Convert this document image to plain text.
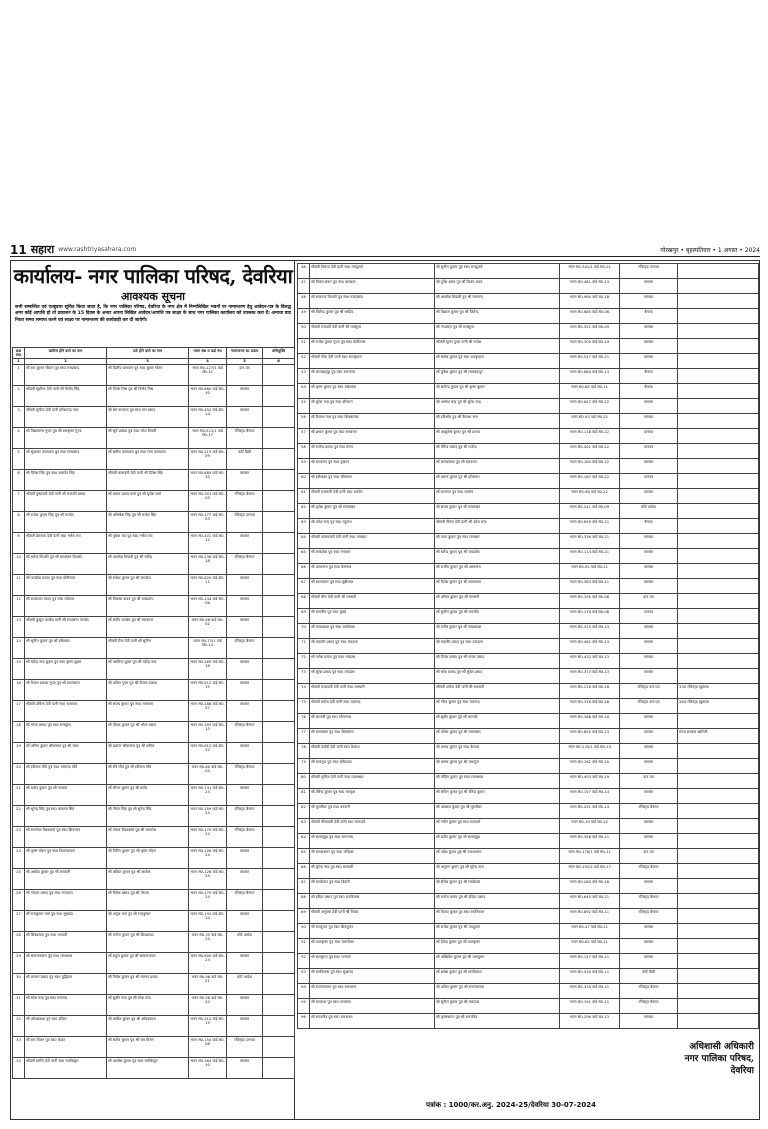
11 सहारा www.rashtriyasahara.com	गोरखपुर • बृहस्पतिवार • 1 अगस्त • 2024
कार्यालय- नगर पालिका परिषद, देवरिया
आवश्यक सूचना
सभी सम्बन्धित एवं एतद्द्वारा सूचित किया जाता है, कि नगर पालिका परिषद, देवरिया के नगर क्षेत्र में निम्नलिखित भवनों पर नामान्तरण हेतु आवेदन-पत्र के विरुद्ध अगर कोई आपत्ति हो तो प्रकाशन के 15 दिवस के अन्दर अपना लिखित आवेदन/आपत्ति पत्र साक्ष्य के साथ नगर पालिका कार्यालय को उपलब्ध करा दें। अन्यथा वाद नियत समय समाप्त करने एवं साक्ष्य पर नामान्तरण की कार्यवाही कर दी जायेगी।
क्र0 सं0	खारिज होने वाले का नाम	दर्ज होने वाले का नाम	भवन सं0 व वार्ड नं0	नामान्तरण का प्रकार	अभियुक्ति
1	2	3	4	5	6
1	श्री राम कुमार चौहान पुत्र स्व0 रामप्रसाद	श्री दिलीप पासवान पुत्र स्व0 कुमार गौतम	भवन सं0-127/1 वार्ड सं0-21	दान-पत्र	
2	श्रीमती सुशीला देवी पत्नी श्री विनोद सिंह	श्री दिनेश मिश्र पुत्र श्री विनोद मिश्र	भवन सं0-860 वार्ड सं0-10	वरासत	
3	श्रीमती सुनीता देवी पत्नी हरिशचन्द्र पाल	श्री प्रेम नारायण पुत्र स्व0 राम प्रसाद	भवन सं0-452 वार्ड सं0-14	वरासत	
4	श्री विद्यासागर गुप्ता पुत्र श्री रामकृष्ण गुप्ता	श्री सूर्य प्रकाश पुत्र स्व0 रमेश तिवारी	भवन सं0-521/1 वार्ड सं0-17	रजिस्ट्रड बैनामा	
5	श्री सुधाकर उपाध्याय पुत्र स्व0 रामप्रसाद	श्री सतीश उपाध्याय पुत्र स्व0 रामा उपाध्याय	भवन सं0-215 वार्ड सं0-09	कोर्ट डिग्री	
6	श्री दिनेश सिंह पुत्र स्व0 सत्यदेव सिंह	श्रीमती कलावती देवी पत्नी श्री दिनेश सिंह	भवन सं0-685 वार्ड सं0-20	वरासत	
7	श्रीमती पुष्पावती देवी पत्नी श्री रामपति प्रसाद	श्री अजय प्रताप शर्मा पुत्र श्री बृजेश शर्मा	भवन सं0-301 वार्ड सं0-05	रजिस्ट्रड बैनामा	
8	श्री राजेश कुमार सिंह पुत्र श्री रामदेव	श्री अभिषेक सिंह पुत्र श्री राजेश सिंह	भवन सं0-177 वार्ड सं0-03	रजिस्ट्रड दानपत्र	
9	श्रीमती प्रेमलता देवी पत्नी स्व0 गणेश राय	श्री मुकेश राय पुत्र स्व0 गणेश राय	भवन सं0-401 वार्ड सं0-12	वरासत	
10	श्री धर्मेन्द्र त्रिपाठी पुत्र श्री रामशंकर त्रिपाठी	श्री आलोक त्रिपाठी पुत्र श्री धर्मेन्द्र	भवन सं0-238 वार्ड सं0-18	रजिस्ट्रड बैनामा	
11	श्री जगदीश प्रसाद पुत्र स्व0 मोतीलाल	श्री राकेश कुमार पुत्र श्री जगदीश	भवन सं0-820 वार्ड सं0-11	वरासत	
12	श्री रामप्रताप यादव पुत्र स्व0 रामेश्वर	श्री विकास यादव पुत्र श्री रामप्रताप	भवन सं0-144 वार्ड सं0-06	वरासत	
13	श्रीमती कुसुम पाण्डेय पत्नी श्री रमाकान्त पाण्डेय	श्री संदीप पाण्डेय पुत्र श्री रमाकान्त	भवन सं0-56 वार्ड सं0-02	वरासत	
14	श्री सुनील कुमार पुत्र श्री हरिशंकर	श्रीमती रीना देवी पत्नी श्री सुनील	भवन सं0-73/1 वार्ड सं0-14	रजिस्ट्रड बैनामा	
15	श्री महेन्द्र नाथ शुक्ल पुत्र स्व0 कृष्ण शुक्ल	श्री अरविन्द शुक्ल पुत्र श्री महेन्द्र नाथ	भवन सं0-265 वार्ड सं0-16	वरासत	
16	श्री विजय प्रकाश गुप्ता पुत्र श्री श्यामलाल	श्री अमित गुप्ता पुत्र श्री विजय प्रकाश	भवन सं0-512 वार्ड सं0-19	वरासत	
17	श्रीमती उर्मिला देवी पत्नी स्व0 राजाराम	श्री संजय कुमार पुत्र स्व0 राजाराम	भवन सं0-188 वार्ड सं0-07	वरासत	
18	श्री भोला प्रसाद पुत्र स्व0 रामसूरत	श्री दीपक कुमार पुत्र श्री भोला प्रसाद	भवन सं0-393 वार्ड सं0-13	रजिस्ट्रड बैनामा	
19	श्री अनिल कुमार श्रीवास्तव पुत्र श्री रमेश	श्री प्रशान्त श्रीवास्तव पुत्र श्री अनिल	भवन सं0-612 वार्ड सं0-22	वरासत	
20	श्री हरिनाथ मौर्य पुत्र स्व0 रामचन्द्र मौर्य	श्री रवि मौर्य पुत्र श्री हरिनाथ मौर्य	भवन सं0-80 वार्ड सं0-04	रजिस्ट्रड बैनामा	
21	श्री प्रमोद कुमार पुत्र श्री जयराम	श्री सौरभ कुमार पुत्र श्री प्रमोद	भवन सं0-741 वार्ड सं0-24	वरासत	
22	श्री सुरेन्द्र सिंह पुत्र स्व0 बलवन्त सिंह	श्री नीरज सिंह पुत्र श्री सुरेन्द्र सिंह	भवन सं0-159 वार्ड सं0-24	रजिस्ट्रड बैनामा	
23	श्री रामनरेश विश्वकर्मा पुत्र स्व0 शिवचरन	श्री पंकज विश्वकर्मा पुत्र श्री रामनरेश	भवन सं0-175 वार्ड सं0-24	रजिस्ट्रड बैनामा	
24	श्री कृष्ण मोहन पुत्र स्व0 शिवनारायण	श्री विपिन कुमार पुत्र श्री कृष्ण मोहन	भवन सं0-226 वार्ड सं0-24	वरासत	
25	श्री अशोक कुमार पुत्र श्री रामबली	श्री अंकित कुमार पुत्र श्री अशोक	भवन सं0-128 वार्ड सं0-24	वरासत	
26	श्री गोपाल प्रसाद पुत्र स्व0 नन्दलाल	श्री विवेक प्रसाद पुत्र श्री गोपाल	भवन सं0-175 वार्ड सं0-24	रजिस्ट्रड बैनामा	
27	श्री राजकुमार वर्मा पुत्र स्व0 सुखदेव	श्री अनुज वर्मा पुत्र श्री राजकुमार	भवन सं0-192 वार्ड सं0-24	वरासत	
28	श्री शिवप्रसाद पुत्र स्व0 भगवती	श्री मनोज कुमार पुत्र श्री शिवप्रसाद	भवन सं0-35 वार्ड सं0-24	कोर्ट आदेश	
29	श्री सत्यनारायण पुत्र स्व0 रामअवध	श्री राहुल कुमार पुत्र श्री सत्यनारायण	भवन सं0-600 वार्ड सं0-24	वरासत	
30	श्री लल्लन प्रसाद पुत्र स्व0 बुद्धिराम	श्री नितेश कुमार पुत्र श्री लल्लन प्रसाद	भवन सं0-96 वार्ड सं0-21	कोर्ट आदेश	
31	श्री रमेश चन्द्र पुत्र स्व0 रामनाथ	श्री सुधीर चन्द्र पुत्र श्री रमेश चन्द्र	भवन सं0-58 वार्ड सं0-20	वरासत	
32	श्री ओमप्रकाश पुत्र स्व0 हरिहर	श्री अजीत कुमार पुत्र श्री ओमप्रकाश	भवन सं0-312 वार्ड सं0-15	वरासत	
33	श्री राम मिलन पुत्र स्व0 केदार	श्री संतोष कुमार पुत्र श्री राम मिलन	भवन सं0-154 वार्ड सं0-08	रजिस्ट्रड दानपत्र	
34	श्रीमती शान्ति देवी पत्नी स्व0 रामकिशुन	श्री अवधेश कुमार पुत्र स्व0 रामकिशुन	भवन सं0-364 वार्ड सं0-10	वरासत	
46	श्रीमती विमला देवी पत्नी स्व0 रामदुलारे	श्री सुनील कुमार पुत्र स्व0 रामदुलारे	भवन सं0-341/1 वार्ड सं0-21	रजिस्ट्रड दानपत्र	
47	श्री विजय शंकर पुत्र स्व0 बालेश्वर	श्री दुर्गेश शंकर पुत्र श्री विजय शंकर	भवन सं0-481 वार्ड सं0-13	वरासत	
48	श्री रामानन्द त्रिपाठी पुत्र स्व0 गयाप्रसाद	श्री आलोक त्रिपाठी पुत्र श्री रामानन्द	भवन सं0-980 वार्ड सं0-18	वरासत	
49	श्री जितेन्द्र कुमार पुत्र श्री धर्मदेव	श्री विशाल कुमार पुत्र श्री जितेन्द्र	भवन सं0-685 वार्ड सं0-06	बैनामा	
50	श्रीमती रामवती देवी पत्नी श्री रामसूरत	श्री नन्दलाल पुत्र श्री रामसूरत	भवन सं0-352 वार्ड सं0-09	वरासत	
51	श्री राजेश कुमार गुप्ता पुत्र स्व0 मोतीलाल	श्रीमती सुमन गुप्ता पत्नी श्री राजेश	भवन सं0-300 वार्ड सं0-19	वरासत	
52	श्रीमती गीता देवी पत्नी स्व0 रामकृपाल	श्री संतोष कुमार पुत्र स्व0 रामकृपाल	भवन सं0-527 वार्ड सं0-21	वरासत	
53	श्री लालबहादुर पुत्र स्व0 रामजनम	श्री मुकेश कुमार पुत्र श्री लालबहादुर	भवन सं0-680 वार्ड सं0-13	बैनामा	
54	श्री कृष्ण कुमार पुत्र स्व0 राधेश्याम	श्री सत्येन्द्र कुमार पुत्र श्री कृष्ण कुमार	भवन सं0-85 वार्ड सं0-11	बैनामा	
55	श्री सुरेश चन्द्र पुत्र स्व0 हरिचरन	श्री अमरेश चन्द्र पुत्र श्री सुरेश चन्द्र	भवन सं0-627 वार्ड सं0-22	वरासत	
56	श्री कैलाश नाथ पुत्र स्व0 शिवबालक	श्री हरिओम पुत्र श्री कैलाश नाथ	भवन सं0-93 वार्ड सं0-22	वरासत	
57	श्री प्रभात कुमार पुत्र स्व0 रामबचन	श्री आशुतोष कुमार पुत्र श्री प्रभात	भवन सं0-118 वार्ड सं0-22	दानपत्र	
58	श्री राजेन्द्र प्रसाद पुत्र स्व0 मंगल	श्री वीरेन्द्र प्रसाद पुत्र श्री राजेन्द्र	भवन सं0-401 वार्ड सं0-22	दानपत्र	
59	श्री रामबचन पुत्र स्व0 दुखरन	श्री ज्ञानप्रकाश पुत्र श्री रामबचन	भवन सं0-180 वार्ड सं0-22	वरासत	
60	श्री हरिशंकर पुत्र स्व0 सीताराम	श्री अरुण कुमार पुत्र श्री हरिशंकर	भवन सं0-167 वार्ड सं0-22	दानपत्र	
61	श्रीमती रामकली देवी पत्नी स्व0 रामफेर	श्री रामनाथ पुत्र स्व0 रामफेर	भवन सं0-98 वार्ड सं0-22	वरासत	
62	श्री बृजेश कुमार पुत्र श्री रामलखन	श्री संजय कुमार पुत्र श्री रामलखन	भवन सं0-241 वार्ड सं0-09	कोर्ट आदेश	
63	श्री उमेश चन्द्र पुत्र स्व0 रघुनाथ	श्रीमती नीलम देवी पत्नी श्री उमेश चन्द्र	भवन सं0-655 वार्ड सं0-21	बैनामा	
64	श्रीमती कमलावती देवी पत्नी स्व0 रामाधार	श्री पवन कुमार पुत्र स्व0 रामाधार	भवन सं0-336 वार्ड सं0-21	वरासत	
65	श्री रामप्रवेश पुत्र स्व0 गंगाराम	श्री धर्मेन्द्र कुमार पुत्र श्री रामप्रवेश	भवन सं0-114 वार्ड सं0-21	वरासत	
66	श्री अमरनाथ पुत्र स्व0 बैजनाथ	श्री राजीव कुमार पुत्र श्री अमरनाथ	भवन सं0-92 वार्ड सं0-21	वरासत	
67	श्री श्यामलाल पुत्र स्व0 मुन्नीलाल	श्री दिनेश कुमार पुत्र श्री श्यामलाल	भवन सं0-383 वार्ड सं0-11	वरासत	
68	श्रीमती मीरा देवी पत्नी श्री रामधनी	श्री अनिल कुमार पुत्र श्री रामधनी	भवन सं0-195 वार्ड सं0-06	दान-पत्र	
69	श्री रामजीत पुत्र स्व0 बुधई	श्री सुनील कुमार पुत्र श्री रामजीत	भवन सं0-178 वार्ड सं0-08	दानपत्र	
70	श्री जयप्रकाश पुत्र स्व0 रामसेवक	श्री मनीष कुमार पुत्र श्री जयप्रकाश	भवन सं0-325 वार्ड सं0-13	वरासत	
71	श्री महावीर प्रसाद पुत्र स्व0 रामदास	श्री महावीर प्रसाद पुत्र स्व0 रामदास	भवन सं0-462 वार्ड सं0-13	वरासत	
72	श्री गणेश प्रसाद पुत्र स्व0 रामदास	श्री दिनेश प्रसाद पुत्र श्री गणेश प्रसाद	भवन सं0-432 वार्ड सं0-13	वरासत	
73	श्री सुरेश प्रसाद पुत्र स्व0 रामदास	श्री रमेश प्रसाद पुत्र श्री सुरेश प्रसाद	भवन सं0-373 वार्ड सं0-13	वरासत	
74	श्रीमती चन्द्रावती देवी पत्नी स्व0 रामधारी	श्रीमती अर्चना देवी पत्नी श्री रामधारी	भवन सं0-218 वार्ड सं0-16	रजिस्ट्रड दान-पत्र	330 रजिस्ट्रड खुलासा
75	श्रीमती सरोज देवी पत्नी स्व0 रामचन्द्र	श्री गौरव कुमार पुत्र स्व0 रामचन्द्र	भवन सं0-316 वार्ड सं0-16	रजिस्ट्रड दान-पत्र	260 रजिस्ट्रड खुलासा
76	श्री लालजी पुत्र स्व0 भोलानाथ	श्री सुधीर कुमार पुत्र श्री लालजी	भवन सं0-168 वार्ड सं0-10	वरासत	
77	श्री रामलखन पुत्र स्व0 शिवमंगल	श्री योगेश कुमार पुत्र श्री रामलखन	भवन सं0-855 वार्ड सं0-23	वरासत	राज्य सरकार खारिजी
78	श्रीमती पार्वती देवी पत्नी स्व0 कैलाश	श्री अभय कुमार पुत्र स्व0 कैलाश	भवन सं0-235/1 वार्ड सं0-13	वरासत	
79	श्री रामानुज पुत्र स्व0 हरिप्रसाद	श्री अजय कुमार पुत्र श्री रामानुज	भवन सं0-162 वार्ड सं0-20	वरासत	
80	श्रीमती सुनीता देवी पत्नी स्व0 रामअधार	श्री मोहित कुमार पुत्र स्व0 रामअधार	भवन सं0-403 वार्ड सं0-19	दान-पत्र	
81	श्री वीरेन्द्र कुमार पुत्र स्व0 रामवृक्ष	श्री सचिन कुमार पुत्र श्री वीरेन्द्र कुमार	भवन सं0-157 वार्ड सं0-14	वरासत	
82	श्री मुरलीधर पुत्र स्व0 बनवारी	श्री आकाश कुमार पुत्र श्री मुरलीधर	भवन सं0-251 वार्ड सं0-14	रजिस्ट्रड बैनामा	
83	श्रीमती लीलावती देवी पत्नी स्व0 रामप्यारे	श्री नवीन कुमार पुत्र स्व0 रामप्यारे	भवन सं0-19 वार्ड सं0-22	वरासत	
84	श्री रामसमुझ पुत्र स्व0 जगरनाथ	श्री प्रदीप कुमार पुत्र श्री रामसमुझ	भवन सं0-356 वार्ड सं0-11	वरासत	
85	श्री रामअवतार पुत्र स्व0 चन्द्रिका	श्री उमेश कुमार पुत्र श्री रामअवतार	भवन सं0-178/1 वार्ड सं0-11	दान-पत्र	
86	श्री सुरेन्द्र नाथ पुत्र स्व0 रामबली	श्री अनुराग कुमार पुत्र श्री सुरेन्द्र नाथ	भवन सं0-192/2 वार्ड सं0-17	रजिस्ट्रड बैनामा	
87	श्री रामकेवल पुत्र स्व0 बिहारी	श्री शैलेश कुमार पुत्र श्री रामकेवल	भवन सं0-260 वार्ड सं0-16	वरासत	
88	श्री हरिहर प्रसाद पुत्र स्व0 रामविलास	श्री मनोज प्रसाद पुत्र श्री हरिहर प्रसाद	भवन सं0-645 वार्ड सं0-21	रजिस्ट्रड बैनामा	
89	श्रीमती अनुपमा देवी पत्नी श्री विजय	श्री विजय कुमार पुत्र स्व0 रामनिवास	भवन सं0-892 वार्ड सं0-11	रजिस्ट्रड बैनामा	
90	श्री रामदुलार पुत्र स्व0 शिवपूजन	श्री राजेश कुमार पुत्र श्री रामदुलार	भवन सं0-47 वार्ड सं0-21	वरासत	
91	श्री बालकृष्ण पुत्र स्व0 रामलोचन	श्री देवेन्द्र कुमार पुत्र श्री बालकृष्ण	भवन सं0-82 वार्ड सं0-21	वरासत	
92	श्री रामसुभग पुत्र स्व0 भगवान	श्री अखिलेश कुमार पुत्र श्री रामसुभग	भवन सं0-127 वार्ड सं0-11	वरासत	
93	श्री रामविलास पुत्र स्व0 सुखराम	श्री ब्रजेश कुमार पुत्र श्री रामविलास	भवन सं0-530 वार्ड सं0-11	कोर्ट डिग्री	
94	श्री राजनारायण पुत्र स्व0 रामसागर	श्री अमित कुमार पुत्र श्री राजनारायण	भवन सं0-334 वार्ड सं0-11	रजिस्ट्रड बैनामा	
95	श्री रामदरश पुत्र स्व0 परमात्मा	श्री सुनील कुमार पुत्र श्री रामदरश	भवन सं0-191 वार्ड सं0-11	रजिस्ट्रड बैनामा	
96	श्री रामचरित्र पुत्र स्व0 रामअवध	श्री कृष्णकान्त पुत्र श्री रामचरित्र	भवन सं0-296 वार्ड सं0-13	वरासत	
अधिशासी अधिकारी
नगर पालिका परिषद,
देवरिया
पत्रांक : 1000/कर.अनु. 2024-25/देवरिया 30-07-2024
